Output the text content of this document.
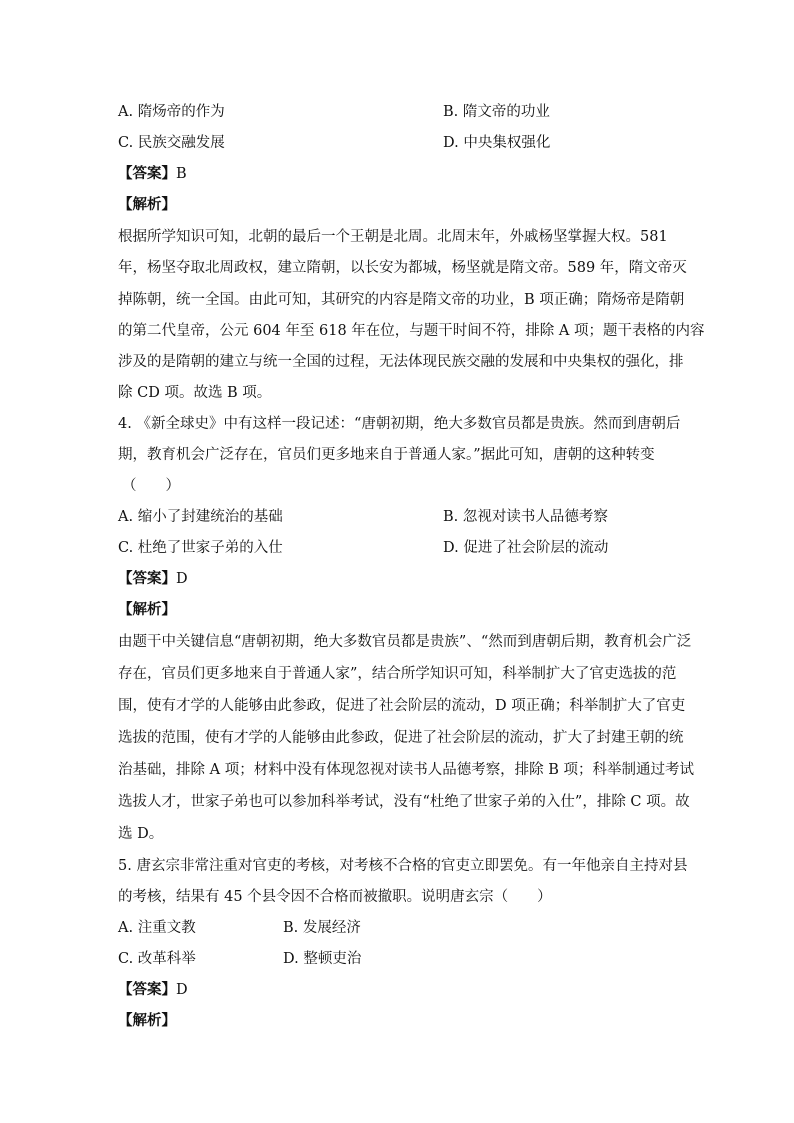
A. 隋炀帝的作为	B. 隋文帝的功业
C. 民族交融发展	D. 中央集权强化
【答案】B
【解析】
根据所学知识可知，北朝的最后一个王朝是北周。北周末年，外戚杨坚掌握大权。581
年，杨坚夺取北周政权，建立隋朝，以长安为都城，杨坚就是隋文帝。589 年，隋文帝灭
掉陈朝，统一全国。由此可知，其研究的内容是隋文帝的功业，B 项正确；隋炀帝是隋朝
的第二代皇帝，公元 604 年至 618 年在位，与题干时间不符，排除 A 项；题干表格的内容
涉及的是隋朝的建立与统一全国的过程，无法体现民族交融的发展和中央集权的强化，排
除 CD 项。故选 B 项。
4. 《新全球史》中有这样一段记述：“唐朝初期，绝大多数官员都是贵族。然而到唐朝后
期，教育机会广泛存在，官员们更多地来自于普通人家。”据此可知，唐朝的这种转变
（　　）
A. 缩小了封建统治的基础	B. 忽视对读书人品德考察
C. 杜绝了世家子弟的入仕	D. 促进了社会阶层的流动
【答案】D
【解析】
由题干中关键信息“唐朝初期，绝大多数官员都是贵族”、“然而到唐朝后期，教育机会广泛
存在，官员们更多地来自于普通人家”，结合所学知识可知，科举制扩大了官吏选拔的范
围，使有才学的人能够由此参政，促进了社会阶层的流动，D 项正确；科举制扩大了官吏
选拔的范围，使有才学的人能够由此参政，促进了社会阶层的流动，扩大了封建王朝的统
治基础，排除 A 项；材料中没有体现忽视对读书人品德考察，排除 B 项；科举制通过考试
选拔人才，世家子弟也可以参加科举考试，没有“杜绝了世家子弟的入仕”，排除 C 项。故
选 D。
5. 唐玄宗非常注重对官吏的考核，对考核不合格的官吏立即罢免。有一年他亲自主持对县
的考核，结果有 45 个县令因不合格而被撤职。说明唐玄宗（　　）
A. 注重文教	B. 发展经济
C. 改革科举	D. 整顿吏治
【答案】D
【解析】
